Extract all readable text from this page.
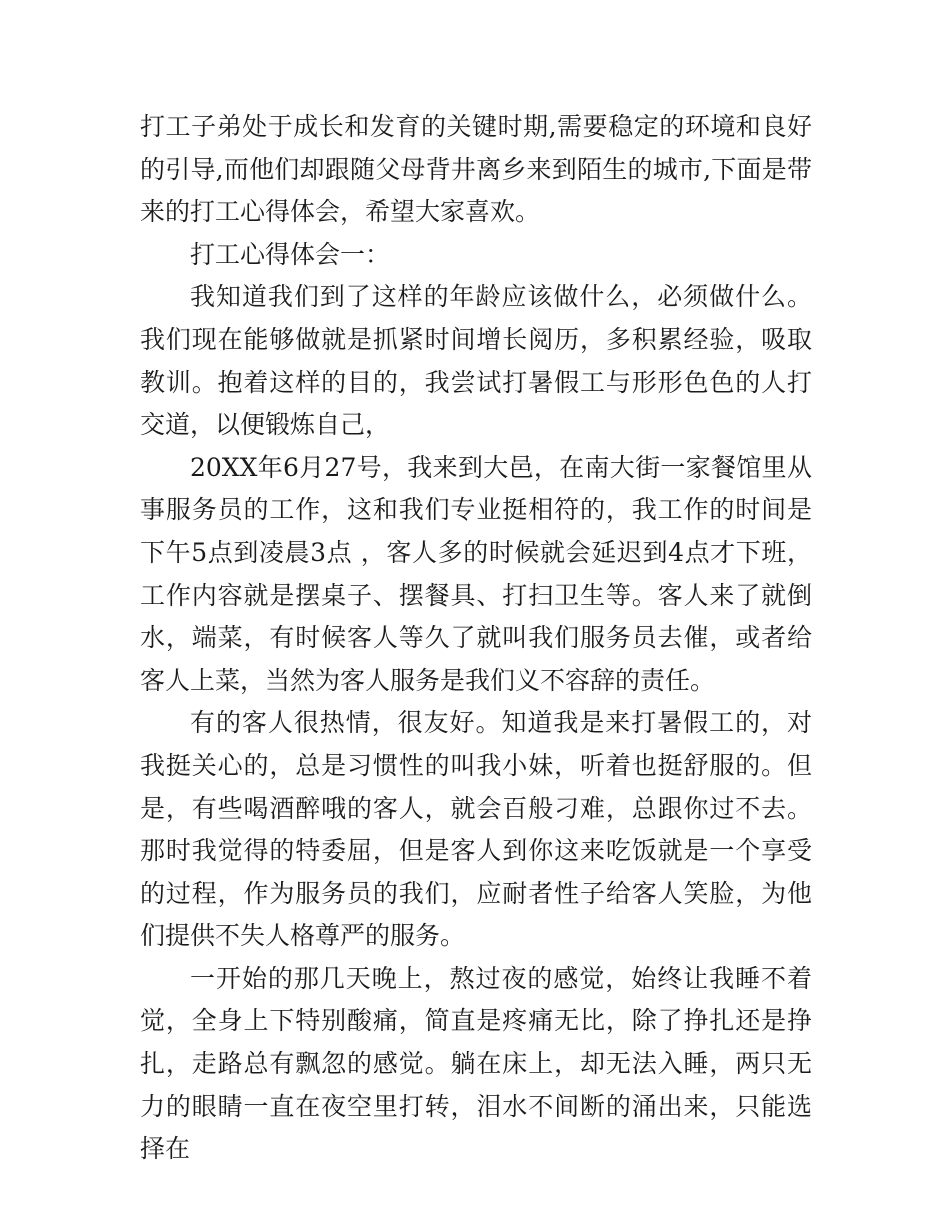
打工子弟处于成长和发育的关键时期,需要稳定的环境和良好的引导,而他们却跟随父母背井离乡来到陌生的城市,下面是带来的打工心得体会，希望大家喜欢。

打工心得体会一：

我知道我们到了这样的年龄应该做什么，必须做什么。我们现在能够做就是抓紧时间增长阅历，多积累经验，吸取教训。抱着这样的目的，我尝试打暑假工与形形色色的人打交道，以便锻炼自己，

20XX年6月27号，我来到大邑，在南大街一家餐馆里从事服务员的工作，这和我们专业挺相符的，我工作的时间是下午5点到凌晨3点 ，客人多的时候就会延迟到4点才下班，工作内容就是摆桌子、摆餐具、打扫卫生等。客人来了就倒水，端菜，有时候客人等久了就叫我们服务员去催，或者给客人上菜，当然为客人服务是我们义不容辞的责任。

有的客人很热情，很友好。知道我是来打暑假工的，对我挺关心的，总是习惯性的叫我小妹，听着也挺舒服的。但是，有些喝酒醉哦的客人，就会百般刁难，总跟你过不去。那时我觉得的特委屈，但是客人到你这来吃饭就是一个享受的过程，作为服务员的我们，应耐者性子给客人笑脸，为他们提供不失人格尊严的服务。

一开始的那几天晚上，熬过夜的感觉，始终让我睡不着觉，全身上下特别酸痛，简直是疼痛无比，除了挣扎还是挣扎，走路总有飘忽的感觉。躺在床上，却无法入睡，两只无力的眼睛一直在夜空里打转，泪水不间断的涌出来，只能选择在
